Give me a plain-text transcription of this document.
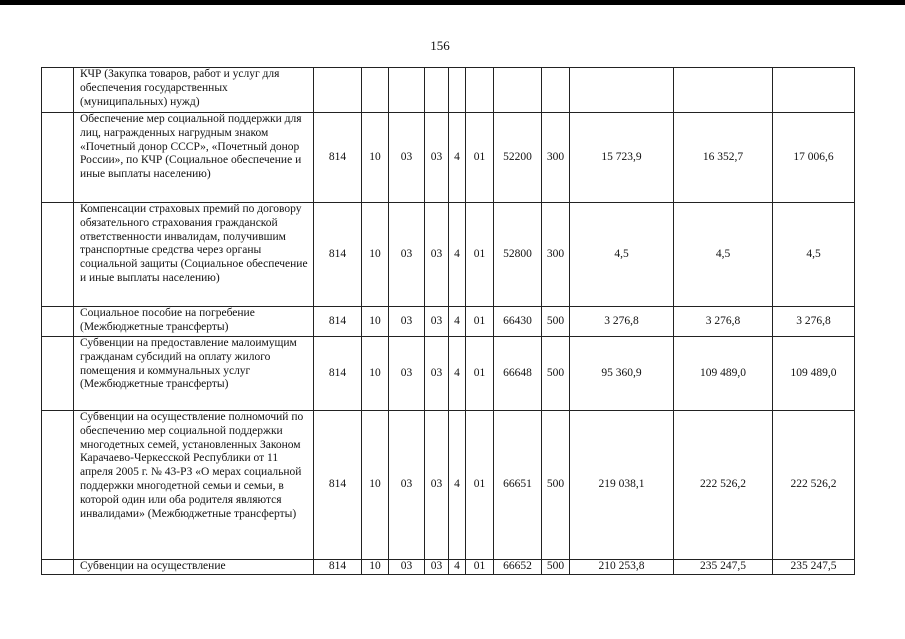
156
	КЧР (Закупка товаров, работ и услуг для обеспечения государственных (муниципальных) нужд)											
	Обеспечение мер социальной поддержки для лиц, награжденных нагрудным знаком «Почетный донор СССР», «Почетный донор России», по КЧР (Социальное обеспечение и иные выплаты населению)	814	10	03	03	4	01	52200	300	15 723,9	16 352,7	17 006,6
	Компенсации страховых премий по договору обязательного страхования гражданской ответственности инвалидам, получившим транспортные средства через органы социальной защиты (Социальное обеспечение и иные выплаты населению)	814	10	03	03	4	01	52800	300	4,5	4,5	4,5
	Социальное пособие на погребение (Межбюджетные трансферты)	814	10	03	03	4	01	66430	500	3 276,8	3 276,8	3 276,8
	Субвенции на предоставление малоимущим гражданам субсидий на оплату жилого помещения и коммунальных услуг (Межбюджетные трансферты)	814	10	03	03	4	01	66648	500	95 360,9	109 489,0	109 489,0
	Субвенции на осуществление полномочий по обеспечению мер социальной поддержки многодетных семей, установленных Законом Карачаево-Черкесской Республики от 11 апреля 2005 г. № 43-РЗ «О мерах социальной поддержки многодетной семьи и семьи, в которой один или оба родителя являются инвалидами» (Межбюджетные трансферты)	814	10	03	03	4	01	66651	500	219 038,1	222 526,2	222 526,2
	Субвенции на осуществление	814	10	03	03	4	01	66652	500	210 253,8	235 247,5	235 247,5
